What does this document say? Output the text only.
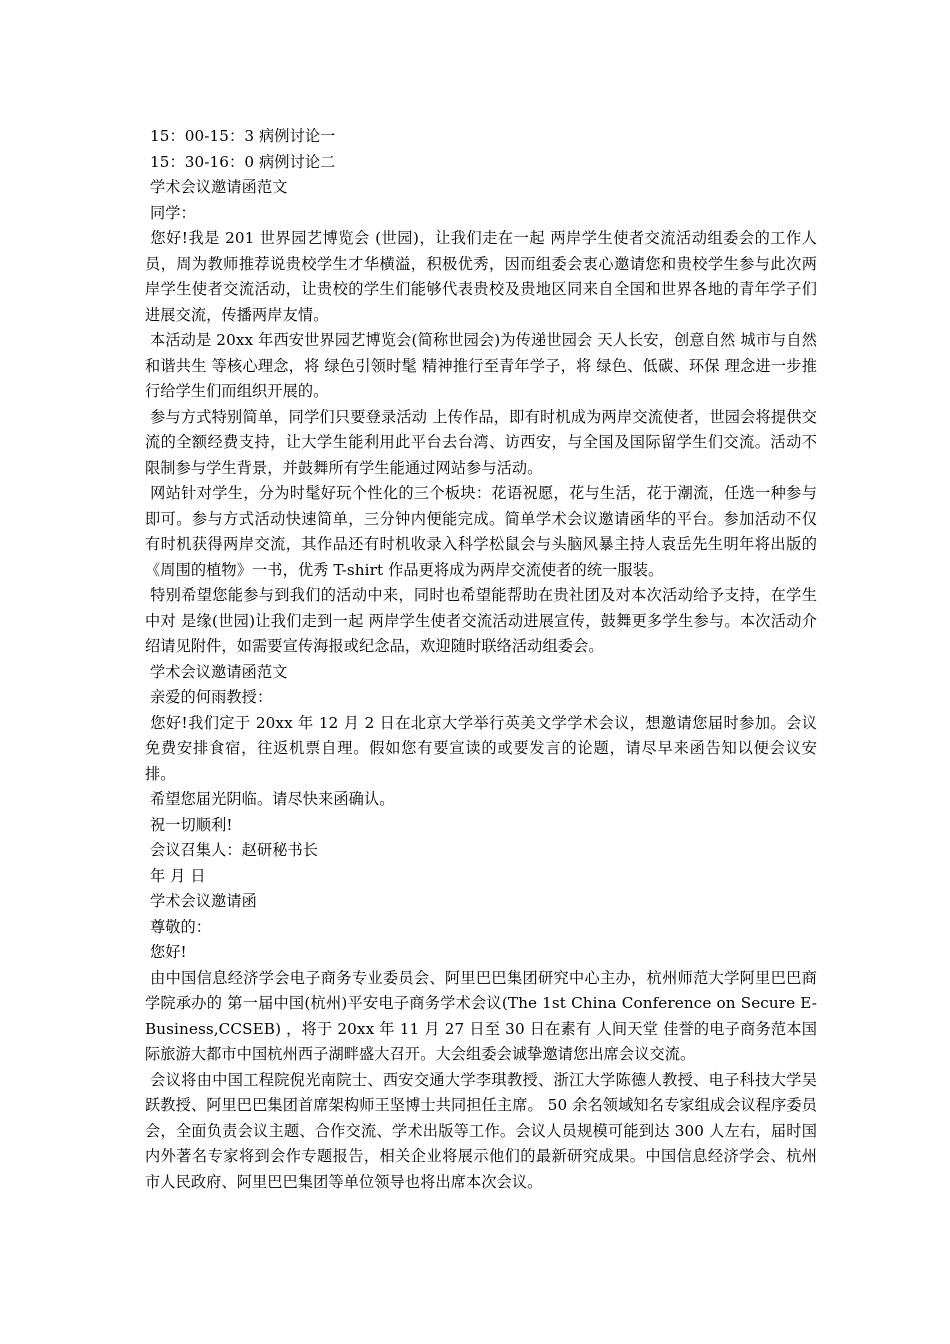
15：00-15：3 病例讨论一

15：30-16：0 病例讨论二

学术会议邀请函范文

同学：

您好!我是 201 世界园艺博览会 (世园)，让我们走在一起 两岸学生使者交流活动组委会的工作人员，周为教师推荐说贵校学生才华横溢，积极优秀，因而组委会衷心邀请您和贵校学生参与此次两岸学生使者交流活动，让贵校的学生们能够代表贵校及贵地区同来自全国和世界各地的青年学子们进展交流，传播两岸友情。

本活动是 20xx 年西安世界园艺博览会(简称世园会)为传递世园会 天人长安，创意自然 城市与自然和谐共生 等核心理念，将 绿色引领时髦 精神推行至青年学子，将 绿色、低碳、环保 理念进一步推行给学生们而组织开展的。

参与方式特别简单，同学们只要登录活动 上传作品，即有时机成为两岸交流使者，世园会将提供交流的全额经费支持，让大学生能利用此平台去台湾、访西安，与全国及国际留学生们交流。活动不限制参与学生背景，并鼓舞所有学生能通过网站参与活动。

网站针对学生，分为时髦好玩个性化的三个板块：花语祝愿，花与生活，花于潮流，任选一种参与即可。参与方式活动快速简单，三分钟内便能完成。简单学术会议邀请函华的平台。参加活动不仅有时机获得两岸交流，其作品还有时机收录入科学松鼠会与头脑风暴主持人袁岳先生明年将出版的《周围的植物》一书，优秀 T-shirt 作品更将成为两岸交流使者的统一服装。

特别希望您能参与到我们的活动中来，同时也希望能帮助在贵社团及对本次活动给予支持，在学生中对 是缘(世园)让我们走到一起 两岸学生使者交流活动进展宣传，鼓舞更多学生参与。本次活动介绍请见附件，如需要宣传海报或纪念品，欢迎随时联络活动组委会。

学术会议邀请函范文

亲爱的何雨教授：

您好!我们定于 20xx 年 12 月 2 日在北京大学举行英美文学学术会议，想邀请您届时参加。会议免费安排食宿，往返机票自理。假如您有要宣读的或要发言的论题，请尽早来函告知以便会议安排。

希望您届光阴临。请尽快来函确认。

祝一切顺利!

会议召集人：赵研秘书长

年 月 日

学术会议邀请函

尊敬的：

您好!

由中国信息经济学会电子商务专业委员会、阿里巴巴集团研究中心主办，杭州师范大学阿里巴巴商学院承办的 第一届中国(杭州)平安电子商务学术会议(The 1st China Conference on Secure E-Business,CCSEB) ，将于 20xx 年 11 月 27 日至 30 日在素有 人间天堂 佳誉的电子商务范本国际旅游大都市中国杭州西子湖畔盛大召开。大会组委会诚挚邀请您出席会议交流。

会议将由中国工程院倪光南院士、西安交通大学李琪教授、浙江大学陈德人教授、电子科技大学吴跃教授、阿里巴巴集团首席架构师王坚博士共同担任主席。 50 余名领域知名专家组成会议程序委员会，全面负责会议主题、合作交流、学术出版等工作。会议人员规模可能到达 300 人左右，届时国内外著名专家将到会作专题报告，相关企业将展示他们的最新研究成果。中国信息经济学会、杭州市人民政府、阿里巴巴集团等单位领导也将出席本次会议。
